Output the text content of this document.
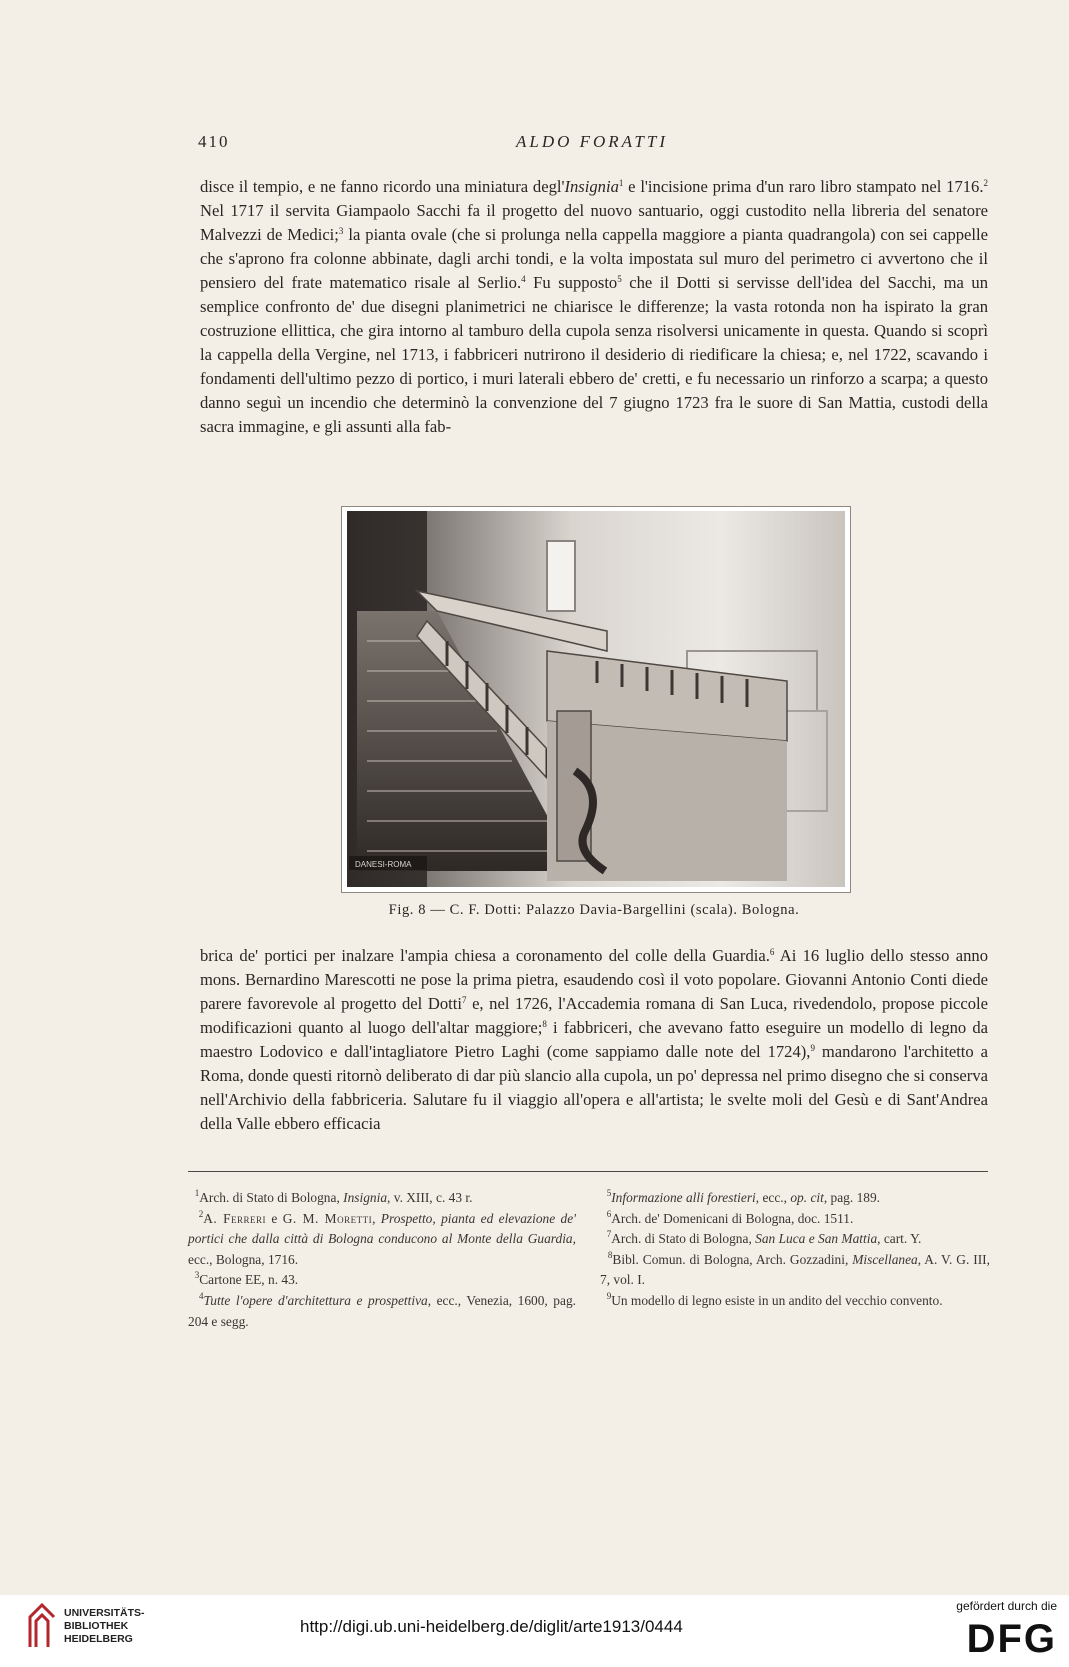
410	ALDO FORATTI

disce il tempio, e ne fanno ricordo una miniatura degl'Insignia$^1$ e l'incisione prima d'un raro libro stampato nel 1716.$^2$ Nel 1717 il servita Giampaolo Sacchi fa il progetto del nuovo santuario, oggi custodito nella libreria del senatore Malvezzi de Medici;$^3$ la pianta ovale (che si prolunga nella cappella maggiore a pianta quadrangola) con sei cappelle che s'aprono fra colonne abbinate, dagli archi tondi, e la volta impostata sul muro del perimetro ci avvertono che il pensiero del frate matematico risale al Serlio.$^4$ Fu supposto$^5$ che il Dotti si servisse dell'idea del Sacchi, ma un semplice confronto de' due disegni planimetrici ne chiarisce le differenze; la vasta rotonda non ha ispirato la gran costruzione ellittica, che gira intorno al tamburo della cupola senza risolversi unicamente in questa. Quando si scoprì la cappella della Vergine, nel 1713, i fabbriceri nutrirono il desiderio di riedificare la chiesa; e, nel 1722, scavando i fondamenti dell'ultimo pezzo di portico, i muri laterali ebbero de' cretti, e fu necessario un rinforzo a scarpa; a questo danno seguì un incendio che determinò la convenzione del 7 giugno 1723 fra le suore di San Mattia, custodi della sacra immagine, e gli assunti alla fab-

DANESI-ROMA
Fig. 8 — C. F. Dotti: Palazzo Davia-Bargellini (scala). Bologna.

brica de' portici per inalzare l'ampia chiesa a coronamento del colle della Guardia.$^6$ Ai 16 luglio dello stesso anno mons. Bernardino Marescotti ne pose la prima pietra, esaudendo così il voto popolare. Giovanni Antonio Conti diede parere favorevole al progetto del Dotti$^7$ e, nel 1726, l'Accademia romana di San Luca, rivedendolo, propose piccole modificazioni quanto al luogo dell'altar maggiore;$^8$ i fabbriceri, che avevano fatto eseguire un modello di legno da maestro Lodovico e dall'intagliatore Pietro Laghi (come sappiamo dalle note del 1724),$^9$ mandarono l'architetto a Roma, donde questi ritornò deliberato di dar più slancio alla cupola, un po' depressa nel primo disegno che si conserva nell'Archivio della fabbriceria. Salutare fu il viaggio all'opera e all'artista; le svelte moli del Gesù e di Sant'Andrea della Valle ebbero efficacia

$^1$Arch. di Stato di Bologna, Insignia, v. XIII, c. 43 r.

$^2$A. Ferreri e G. M. Moretti, Prospetto, pianta ed elevazione de' portici che dalla città di Bologna conducono al Monte della Guardia, ecc., Bologna, 1716.

$^3$Cartone EE, n. 43.

$^4$Tutte l'opere d'architettura e prospettiva, ecc., Venezia, 1600, pag. 204 e segg.

$^5$Informazione alli forestieri, ecc., op. cit, pag. 189.

$^6$Arch. de' Domenicani di Bologna, doc. 1511.

$^7$Arch. di Stato di Bologna, San Luca e San Mattia, cart. Y.

$^8$Bibl. Comun. di Bologna, Arch. Gozzadini, Miscellanea, A. V. G. III, 7, vol. I.

$^9$Un modello di legno esiste in un andito del vecchio convento.

UNIVERSITÄTS-
BIBLIOTHEK
HEIDELBERG
http://digi.ub.uni-heidelberg.de/diglit/arte1913/0444
gefördert durch die
DFG
